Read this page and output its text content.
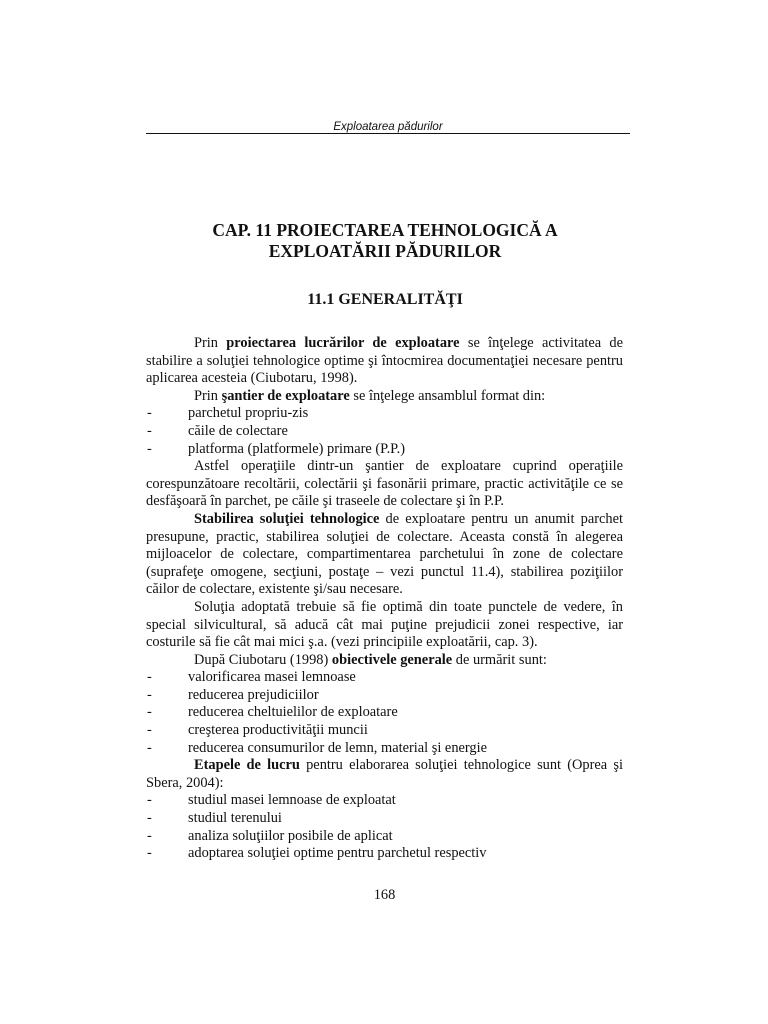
Exploatarea pădurilor
CAP. 11 PROIECTAREA TEHNOLOGICĂ A
EXPLOATĂRII PĂDURILOR
11.1 GENERALITĂŢI

Prin proiectarea lucrărilor de exploatare se înţelege activitatea de stabilire a soluţiei tehnologice optime şi întocmirea documentaţiei necesare pentru aplicarea acesteia (Ciubotaru, 1998).

Prin şantier de exploatare se înţelege ansamblul format din:

-	parchetul propriu-zis
-	căile de colectare
-	platforma (platformele) primare (P.P.)

Astfel operaţiile dintr-un şantier de exploatare cuprind operaţiile corespunzătoare recoltării, colectării şi fasonării primare, practic activităţile ce se desfăşoară în parchet, pe căile şi traseele de colectare şi în P.P.

Stabilirea soluţiei tehnologice de exploatare pentru un anumit parchet presupune, practic, stabilirea soluţiei de colectare. Aceasta constă în alegerea mijloacelor de colectare, compartimentarea parchetului în zone de colectare (suprafeţe omogene, secţiuni, postaţe – vezi punctul 11.4), stabilirea poziţiilor căilor de colectare, existente şi/sau necesare.

Soluţia adoptată trebuie să fie optimă din toate punctele de vedere, în special silvicultural, să aducă cât mai puţine prejudicii zonei respective, iar costurile să fie cât mai mici ş.a. (vezi principiile exploatării, cap. 3).

După Ciubotaru (1998) obiectivele generale de urmărit sunt:

-	valorificarea masei lemnoase
-	reducerea prejudiciilor
-	reducerea cheltuielilor de exploatare
-	creşterea productivităţii muncii
-	reducerea consumurilor de lemn, material şi energie

Etapele de lucru pentru elaborarea soluţiei tehnologice sunt (Oprea şi Sbera, 2004):

-	studiul masei lemnoase de exploatat
-	studiul terenului
-	analiza soluţiilor posibile de aplicat
-	adoptarea soluţiei optime pentru parchetul respectiv
168
